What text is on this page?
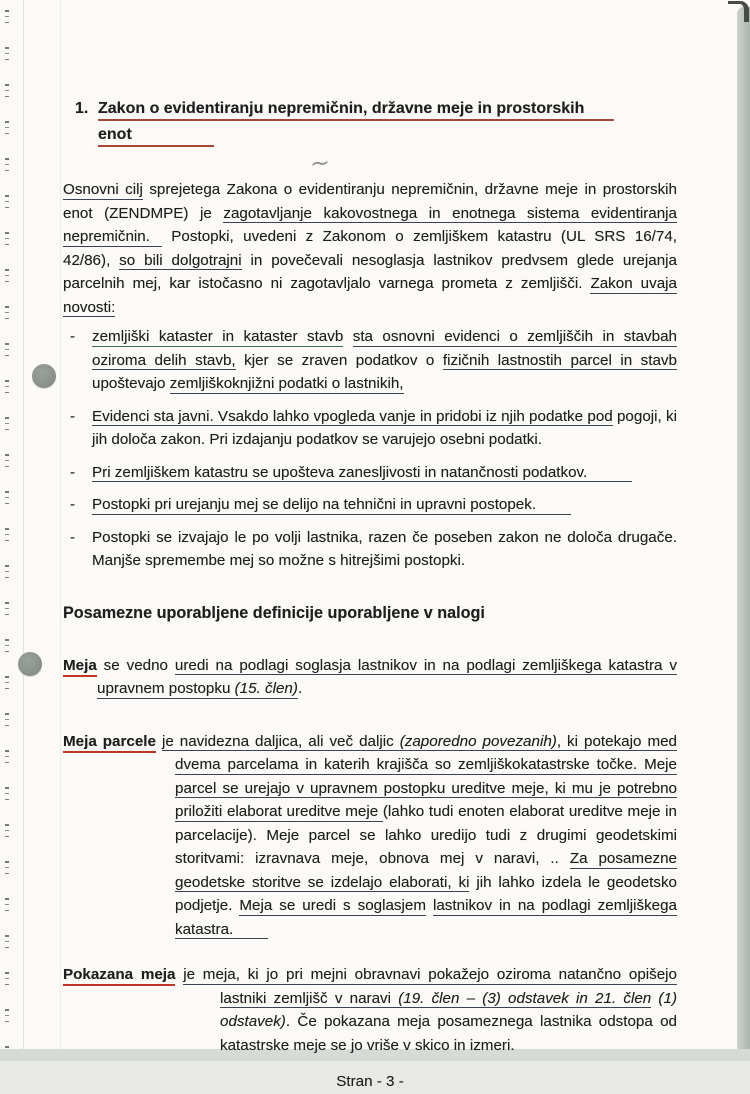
∼
1. Zakon o evidentiranju nepremičnin, državne meje in prostorskih
enot

Osnovni cilj sprejetega Zakona o evidentiranju nepremičnin, državne meje in prostorskih enot (ZENDMPE) je zagotavljanje kakovostnega in enotnega sistema evidentiranja nepremičnin. Postopki, uvedeni z Zakonom o zemljiškem katastru (UL SRS 16/74, 42/86), so bili dolgotrajni in povečevali nesoglasja lastnikov predvsem glede urejanja parcelnih mej, kar istočasno ni zagotavljalo varnega prometa z zemljišči. Zakon uvaja novosti:

-	zemljiški kataster in kataster stavb sta osnovni evidenci o zemljiščih in stavbah oziroma delih stavb, kjer se zraven podatkov o fizičnih lastnostih parcel in stavb upoštevajo zemljiškoknjižni podatki o lastnikih,
-	Evidenci sta javni. Vsakdo lahko vpogleda vanje in pridobi iz njih podatke pod pogoji, ki jih določa zakon. Pri izdajanju podatkov se varujejo osebni podatki.
-	Pri zemljiškem katastru se upošteva zanesljivosti in natančnosti podatkov.
-	Postopki pri urejanju mej se delijo na tehnični in upravni postopek.
-	Postopki se izvajajo le po volji lastnika, razen če poseben zakon ne določa drugače. Manjše spremembe mej so možne s hitrejšimi postopki.
Posamezne uporabljene definicije uporabljene v nalogi

Meja se vedno uredi na podlagi soglasja lastnikov in na podlagi zemljiškega katastra v upravnem postopku (15. člen).

Meja parcele je navidezna daljica, ali več daljic (zaporedno povezanih), ki potekajo med dvema parcelama in katerih krajišča so zemljiškokatastrske točke. Meje parcel se urejajo v upravnem postopku ureditve meje, ki mu je potrebno priložiti elaborat ureditve meje (lahko tudi enoten elaborat ureditve meje in parcelacije). Meje parcel se lahko uredijo tudi z drugimi geodetskimi storitvami: izravnava meje, obnova mej v naravi, .. Za posamezne geodetske storitve se izdelajo elaborati, ki jih lahko izdela le geodetsko podjetje. Meja se uredi s soglasjem lastnikov in na podlagi zemljiškega katastra.

Pokazana meja je meja, ki jo pri mejni obravnavi pokažejo oziroma natančno opišejo lastniki zemljišč v naravi (19. člen – (3) odstavek in 21. člen (1) odstavek). Če pokazana meja posameznega lastnika odstopa od katastrske meje se jo vriše v skico in izmeri.

Stran - 3 -
